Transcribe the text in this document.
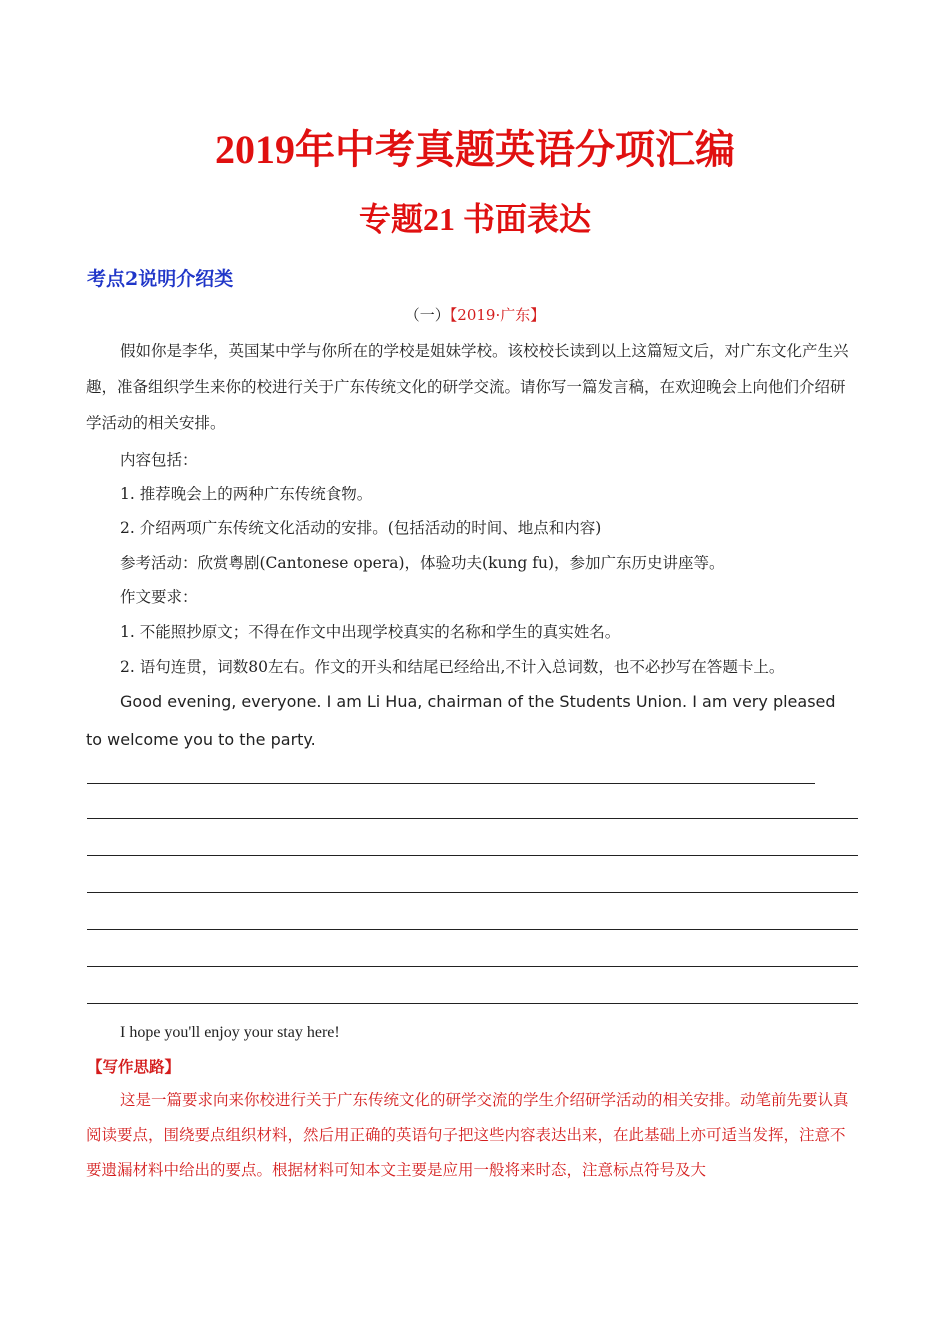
2019年中考真题英语分项汇编
专题21 书面表达
考点2说明介绍类
（一）【2019·广东】

假如你是李华，英国某中学与你所在的学校是姐妹学校。该校校长读到以上这篇短文后，对广东文化产生兴趣，准备组织学生来你的校进行关于广东传统文化的研学交流。请你写一篇发言稿，在欢迎晚会上向他们介绍研学活动的相关安排。

内容包括：
1. 推荐晚会上的两种广东传统食物。
2. 介绍两项广东传统文化活动的安排。(包括活动的时间、地点和内容)
参考活动：欣赏粤剧(Cantonese opera)，体验功夫(kung fu)，参加广东历史讲座等。
作文要求：
1. 不能照抄原文；不得在作文中出现学校真实的名称和学生的真实姓名。
2. 语句连贯，词数80左右。作文的开头和结尾已经给出,不计入总词数，也不必抄写在答题卡上。

Good evening, everyone. I am Li Hua, chairman of the Students Union. I am very pleased to welcome you to the party.

I hope you'll enjoy your stay here!
【写作思路】

这是一篇要求向来你校进行关于广东传统文化的研学交流的学生介绍研学活动的相关安排。动笔前先要认真阅读要点，围绕要点组织材料，然后用正确的英语句子把这些内容表达出来，在此基础上亦可适当发挥，注意不要遗漏材料中给出的要点。根据材料可知本文主要是应用一般将来时态，注意标点符号及大
